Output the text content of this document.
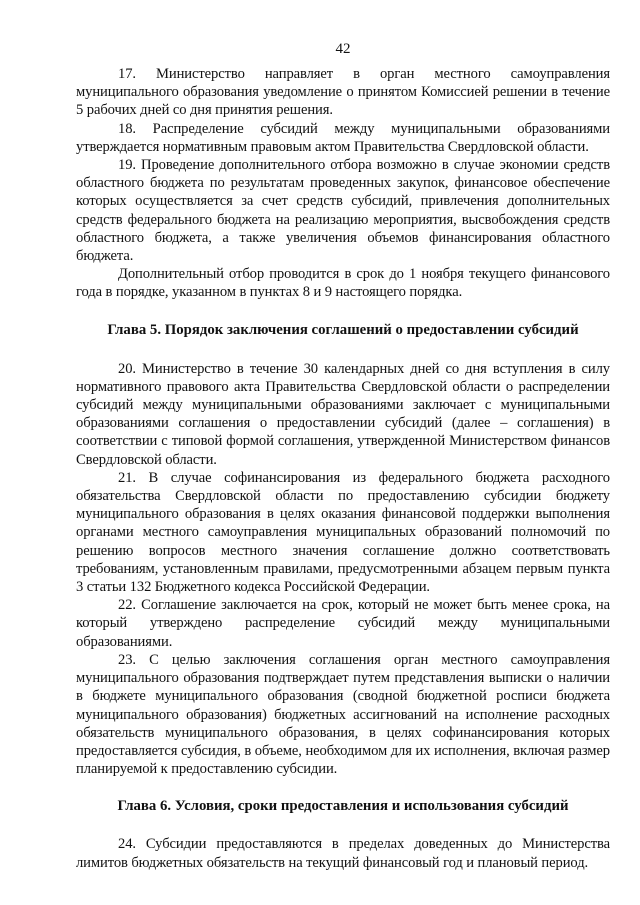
42

17. Министерство направляет в орган местного самоуправления муниципального образования уведомление о принятом Комиссией решении в течение 5 рабочих дней со дня принятия решения.

18. Распределение субсидий между муниципальными образованиями утверждается нормативным правовым актом Правительства Свердловской области.

19. Проведение дополнительного отбора возможно в случае экономии средств областного бюджета по результатам проведенных закупок, финансовое обеспечение которых осуществляется за счет средств субсидий, привлечения дополнительных средств федерального бюджета на реализацию мероприятия, высвобождения средств областного бюджета, а также увеличения объемов финансирования областного бюджета.

Дополнительный отбор проводится в срок до 1 ноября текущего финансового года в порядке, указанном в пунктах 8 и 9 настоящего порядка.

Глава 5. Порядок заключения соглашений о предоставлении субсидий

20. Министерство в течение 30 календарных дней со дня вступления в силу нормативного правового акта Правительства Свердловской области о распределении субсидий между муниципальными образованиями заключает с муниципальными образованиями соглашения о предоставлении субсидий (далее – соглашения) в соответствии с типовой формой соглашения, утвержденной Министерством финансов Свердловской области.

21. В случае софинансирования из федерального бюджета расходного обязательства Свердловской области по предоставлению субсидии бюджету муниципального образования в целях оказания финансовой поддержки выполнения органами местного самоуправления муниципальных образований полномочий по решению вопросов местного значения соглашение должно соответствовать требованиям, установленным правилами, предусмотренными абзацем первым пункта 3 статьи 132 Бюджетного кодекса Российской Федерации.

22. Соглашение заключается на срок, который не может быть менее срока, на который утверждено распределение субсидий между муниципальными образованиями.

23. С целью заключения соглашения орган местного самоуправления муниципального образования подтверждает путем представления выписки о наличии в бюджете муниципального образования (сводной бюджетной росписи бюджета муниципального образования) бюджетных ассигнований на исполнение расходных обязательств муниципального образования, в целях софинансирования которых предоставляется субсидия, в объеме, необходимом для их исполнения, включая размер планируемой к предоставлению субсидии.

Глава 6. Условия, сроки предоставления и использования субсидий

24. Субсидии предоставляются в пределах доведенных до Министерства лимитов бюджетных обязательств на текущий финансовый год и плановый период.
